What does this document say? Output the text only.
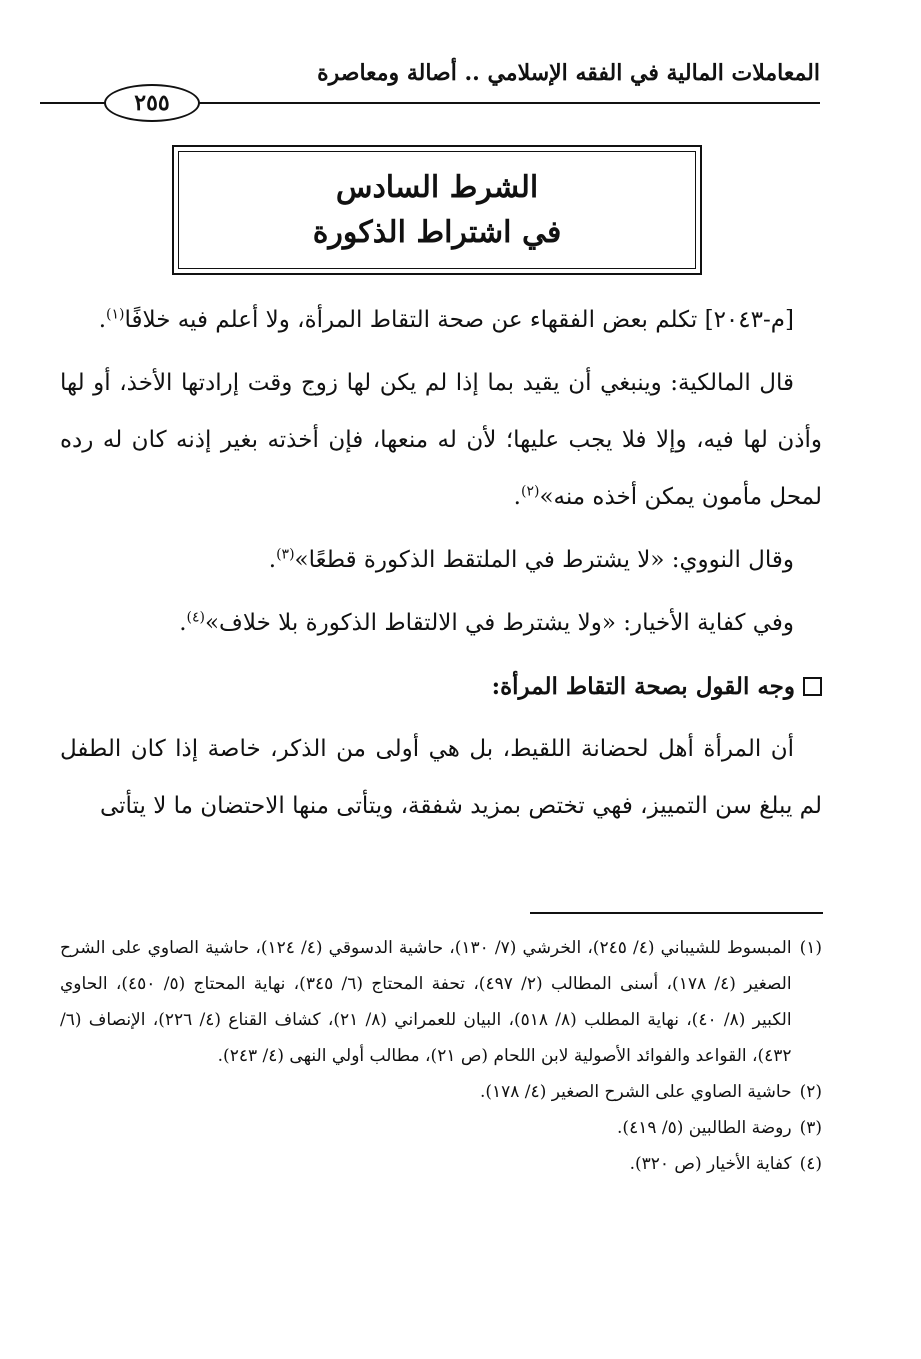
المعاملات المالية في الفقه الإسلامي .. أصالة ومعاصرة
٢٥٥
الشرط السادس
في اشتراط الذكورة

[م-٢٠٤٣] تكلم بعض الفقهاء عن صحة التقاط المرأة، ولا أعلم فيه خلافًا$^{(١)}$.

قال المالكية: وينبغي أن يقيد بما إذا لم يكن لها زوج وقت إرادتها الأخذ، أو لها وأذن لها فيه، وإلا فلا يجب عليها؛ لأن له منعها، فإن أخذته بغير إذنه كان له رده لمحل مأمون يمكن أخذه منه»$^{(٢)}$.

وقال النووي: «لا يشترط في الملتقط الذكورة قطعًا»$^{(٣)}$.

وفي كفاية الأخيار: «ولا يشترط في الالتقاط الذكورة بلا خلاف»$^{(٤)}$.

وجه القول بصحة التقاط المرأة:

أن المرأة أهل لحضانة اللقيط، بل هي أولى من الذكر، خاصة إذا كان الطفل لم يبلغ سن التمييز، فهي تختص بمزيد شفقة، ويتأتى منها الاحتضان ما لا يتأتى

(١)
المبسوط للشيباني (٤/ ٢٤٥)، الخرشي (٧/ ١٣٠)، حاشية الدسوقي (٤/ ١٢٤)، حاشية الصاوي على الشرح الصغير (٤/ ١٧٨)، أسنى المطالب (٢/ ٤٩٧)، تحفة المحتاج (٦/ ٣٤٥)، نهاية المحتاج (٥/ ٤٥٠)، الحاوي الكبير (٨/ ٤٠)، نهاية المطلب (٨/ ٥١٨)، البيان للعمراني (٨/ ٢١)، كشاف القناع (٤/ ٢٢٦)، الإنصاف (٦/ ٤٣٢)، القواعد والفوائد الأصولية لابن اللحام (ص ٢١)، مطالب أولي النهى (٤/ ٢٤٣).
(٢)
حاشية الصاوي على الشرح الصغير (٤/ ١٧٨).
(٣)
روضة الطالبين (٥/ ٤١٩).
(٤)
كفاية الأخيار (ص ٣٢٠).
